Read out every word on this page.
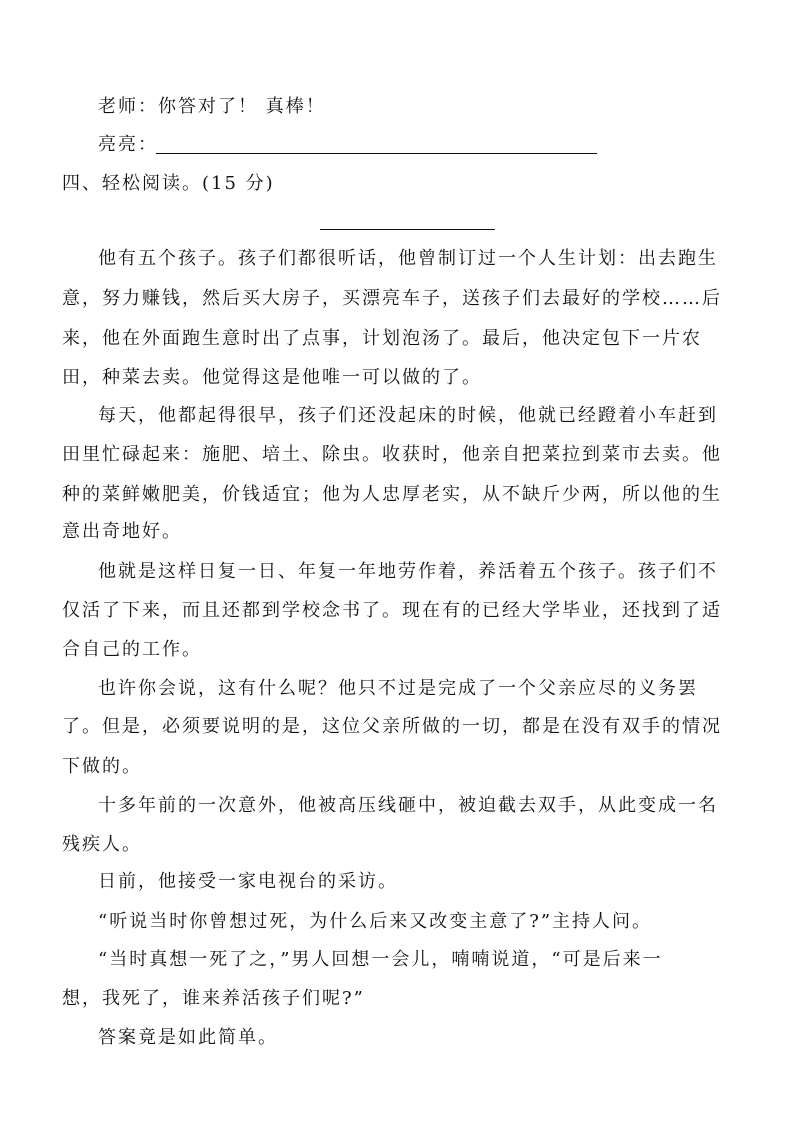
老师：你答对了！ 真棒！
亮亮：
四、轻松阅读。(15 分)
他有五个孩子。孩子们都很听话，他曾制订过一个人生计划：出去跑生
意，努力赚钱，然后买大房子，买漂亮车子，送孩子们去最好的学校……后
来，他在外面跑生意时出了点事，计划泡汤了。最后，他决定包下一片农
田，种菜去卖。他觉得这是他唯一可以做的了。
每天，他都起得很早，孩子们还没起床的时候，他就已经蹬着小车赶到
田里忙碌起来：施肥、培土、除虫。收获时，他亲自把菜拉到菜市去卖。他
种的菜鲜嫩肥美，价钱适宜；他为人忠厚老实，从不缺斤少两，所以他的生
意出奇地好。
他就是这样日复一日、年复一年地劳作着，养活着五个孩子。孩子们不
仅活了下来，而且还都到学校念书了。现在有的已经大学毕业，还找到了适
合自己的工作。
也许你会说，这有什么呢？他只不过是完成了一个父亲应尽的义务罢
了。但是，必须要说明的是，这位父亲所做的一切，都是在没有双手的情况
下做的。
十多年前的一次意外，他被高压线砸中，被迫截去双手，从此变成一名
残疾人。
日前，他接受一家电视台的采访。
“听说当时你曾想过死，为什么后来又改变主意了?”主持人问。
“当时真想一死了之，”男人回想一会儿，喃喃说道，“可是后来一
想，我死了，谁来养活孩子们呢?”
答案竟是如此简单。
